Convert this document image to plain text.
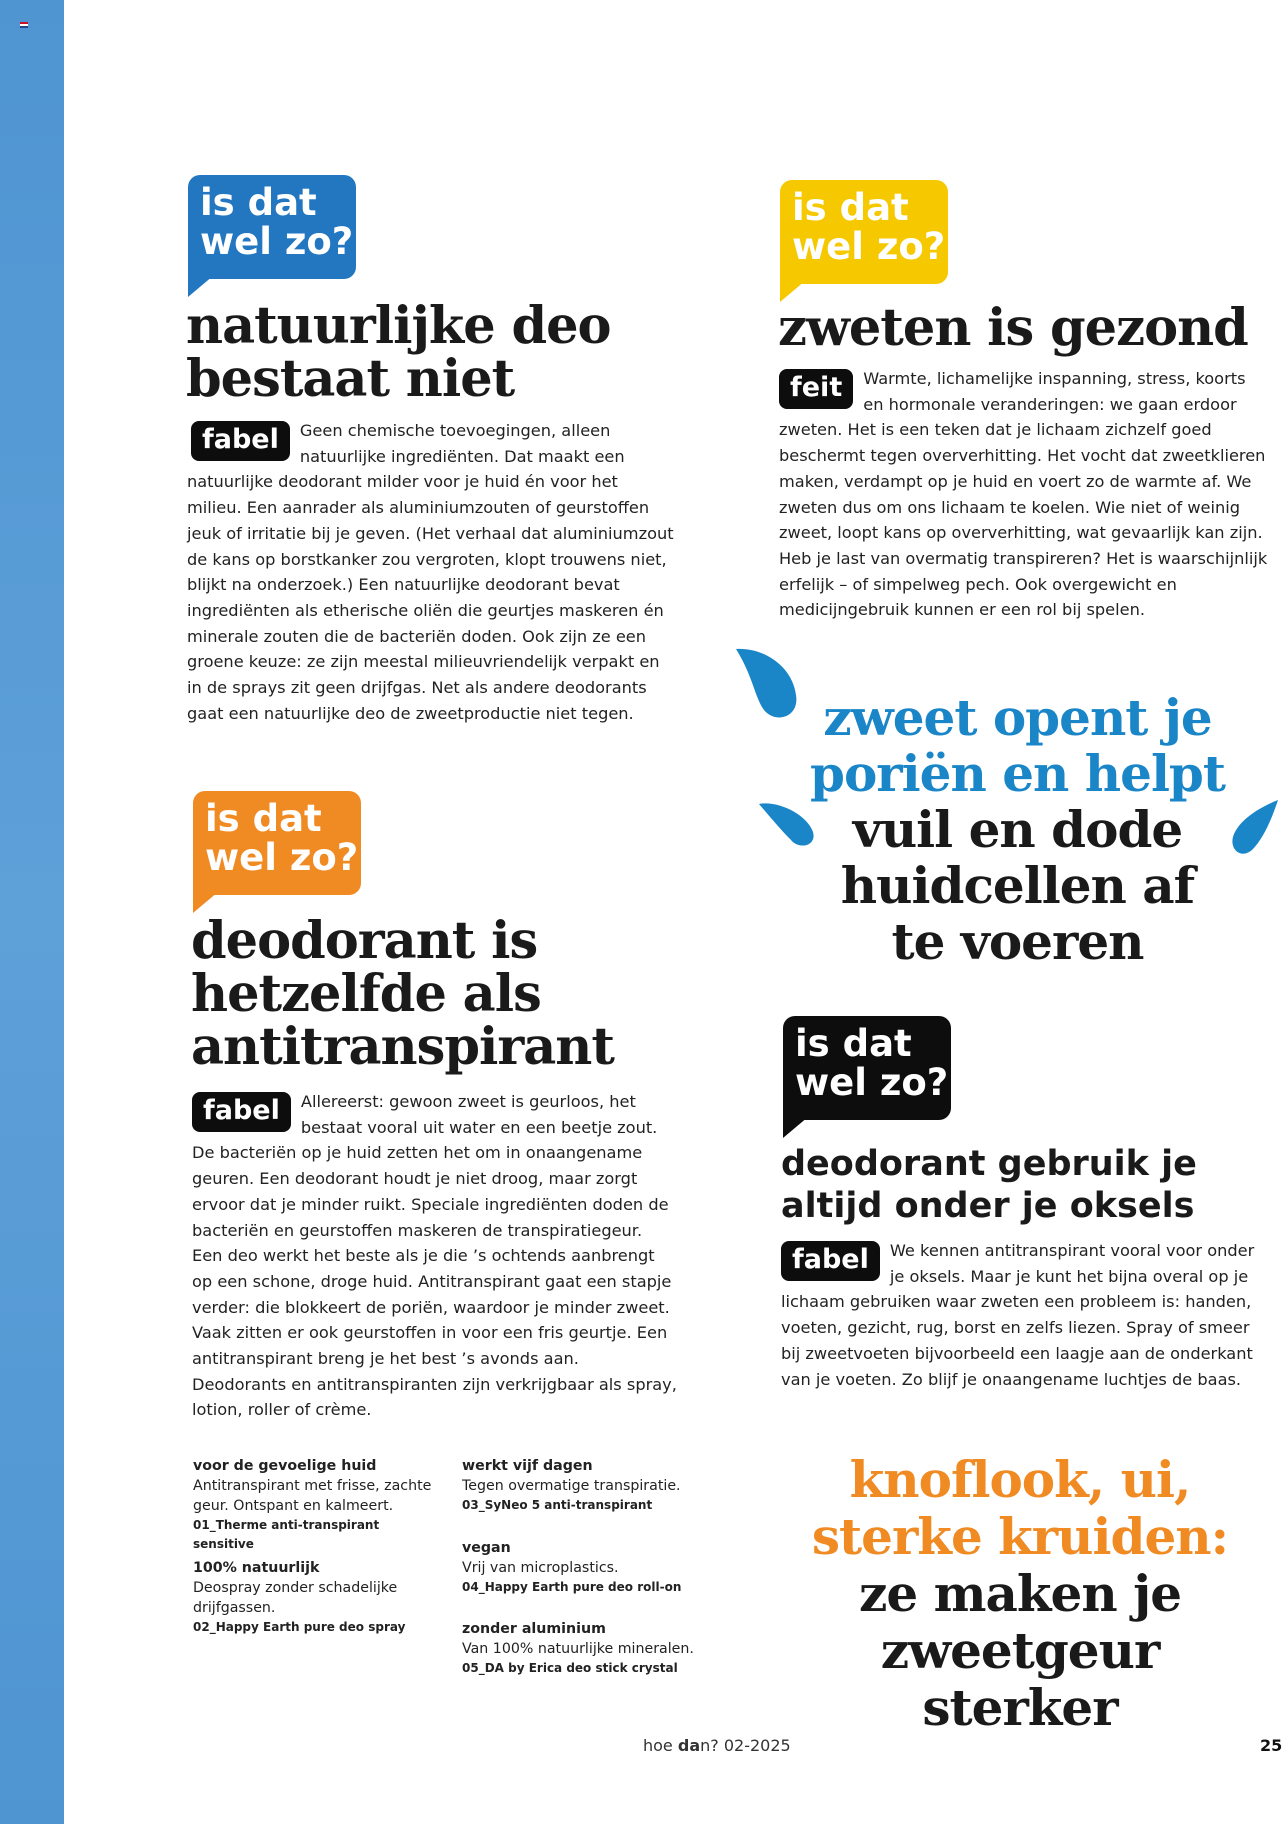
is dat
wel zo?
natuurlijke deo
bestaat niet
fabel	Geen chemische toevoegingen, alleen natuurlijke ingrediënten. Dat maakt een natuurlijke deodorant milder voor je huid én voor het milieu. Een aanrader als aluminiumzouten of geurstoffen jeuk of irritatie bij je geven. (Het verhaal dat aluminiumzout de kans op borstkanker zou vergroten, klopt trouwens niet, blijkt na onderzoek.) Een natuurlijke deodorant bevat ingrediënten als etherische oliën die geurtjes maskeren én minerale zouten die de bacteriën doden. Ook zijn ze een groene keuze: ze zijn meestal milieuvriendelijk verpakt en in de sprays zit geen drijfgas. Net als andere deodorants gaat een natuurlijke deo de zweetproductie niet tegen.
is dat
wel zo?
zweten is gezond
feit	Warmte, lichamelijke inspanning, stress, koorts en hormonale veranderingen: we gaan erdoor zweten. Het is een teken dat je lichaam zichzelf goed beschermt tegen oververhitting. Het vocht dat zweetklieren maken, verdampt op je huid en voert zo de warmte af. We zweten dus om ons lichaam te koelen. Wie niet of weinig zweet, loopt kans op oververhitting, wat gevaarlijk kan zijn. Heb je last van overmatig transpireren? Het is waarschijnlijk erfelijk – of simpelweg pech. Ook overgewicht en medicijngebruik kunnen er een rol bij spelen.

zweet opent je
poriën en helpt
vuil en dode
huidcellen af
te voeren

is dat
wel zo?
deodorant is
hetzelfde als
antitranspirant
fabel	Allereerst: gewoon zweet is geurloos, het bestaat vooral uit water en een beetje zout. De bacteriën op je huid zetten het om in onaangename geuren. Een deodorant houdt je niet droog, maar zorgt ervoor dat je minder ruikt. Speciale ingrediënten doden de bacteriën en geurstoffen maskeren de transpiratiegeur. Een deo werkt het beste als je die ’s ochtends aanbrengt op een schone, droge huid. Antitranspirant gaat een stapje verder: die blokkeert de poriën, waardoor je minder zweet. Vaak zitten er ook geurstoffen in voor een fris geurtje. Een antitranspirant breng je het best ’s avonds aan. Deodorants en antitranspiranten zijn verkrijgbaar als spray, lotion, roller of crème.
is dat
wel zo?
deodorant gebruik je
altijd onder je oksels
fabel	We kennen antitranspirant vooral voor onder je oksels. Maar je kunt het bijna overal op je lichaam gebruiken waar zweten een probleem is: handen, voeten, gezicht, rug, borst en zelfs liezen. Spray of smeer bij zweetvoeten bijvoorbeeld een laagje aan de onderkant van je voeten. Zo blijf je onaangename luchtjes de baas.
voor de gevoelige huid
Antitranspirant met frisse, zachte geur. Ontspant en kalmeert.
01_Therme anti-transpirant sensitive
100% natuurlijk
Deospray zonder schadelijke drijfgassen.
02_Happy Earth pure deo spray
werkt vijf dagen
Tegen overmatige transpiratie.
03_SyNeo 5 anti-transpirant
vegan
Vrij van microplastics.
04_Happy Earth pure deo roll-on
zonder aluminium
Van 100% natuurlijke mineralen.
05_DA by Erica deo stick crystal

knoflook, ui,
sterke kruiden:
ze maken je
zweetgeur sterker

hoe dan? 02-2025	25
